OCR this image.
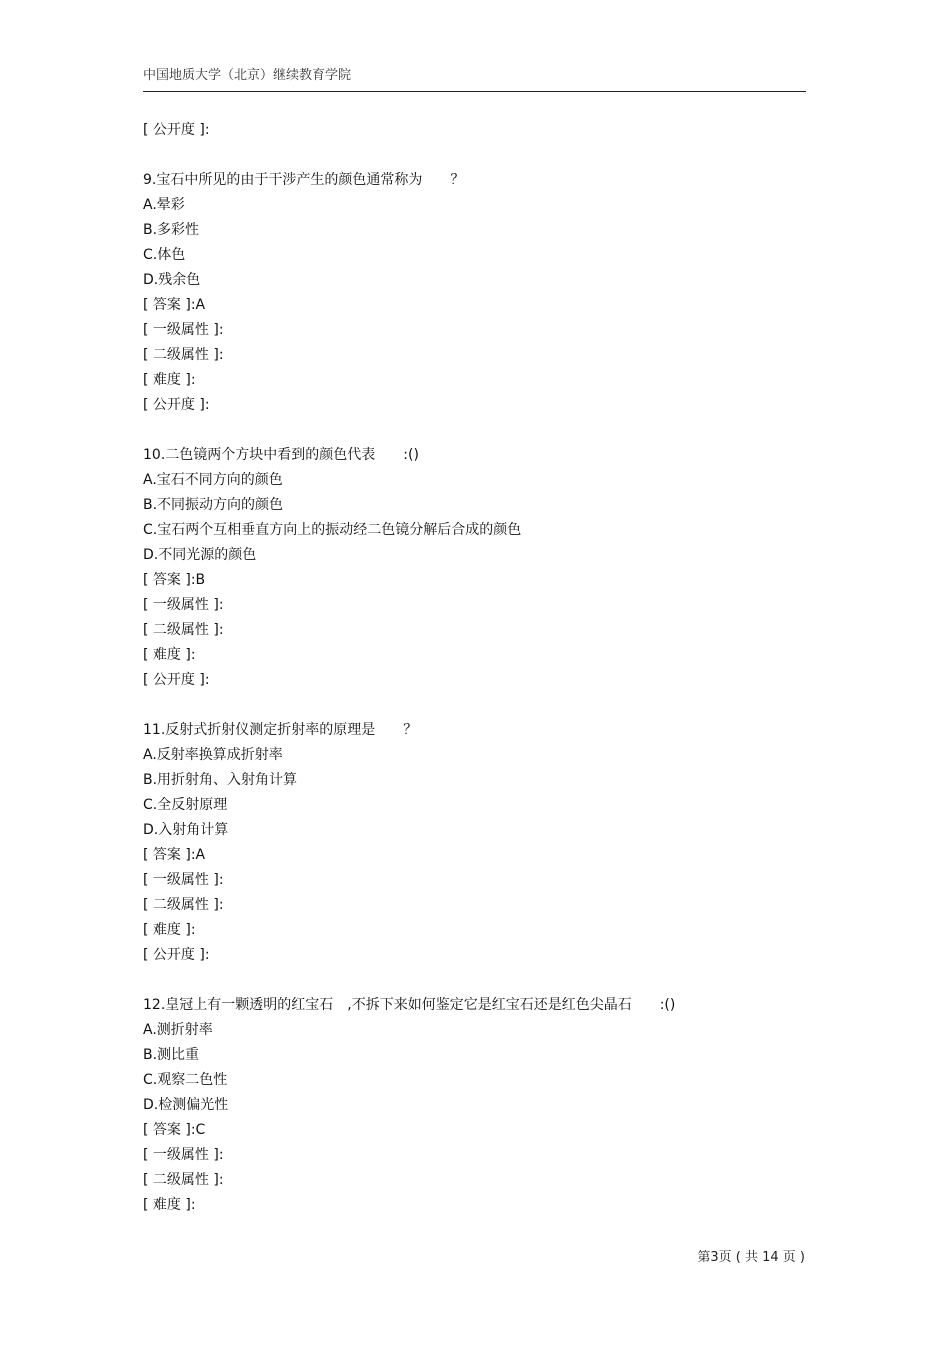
中国地质大学（北京）继续教育学院
[ 公开度 ]:
9.宝石中所见的由于干涉产生的颜色通常称为　　？
A.晕彩
B.多彩性
C.体色
D.残余色
[ 答案 ]:A
[ 一级属性 ]:
[ 二级属性 ]:
[ 难度 ]:
[ 公开度 ]:
10.二色镜两个方块中看到的颜色代表　　:()
A.宝石不同方向的颜色
B.不同振动方向的颜色
C.宝石两个互相垂直方向上的振动经二色镜分解后合成的颜色
D.不同光源的颜色
[ 答案 ]:B
[ 一级属性 ]:
[ 二级属性 ]:
[ 难度 ]:
[ 公开度 ]:
11.反射式折射仪测定折射率的原理是　　？
A.反射率换算成折射率
B.用折射角、入射角计算
C.全反射原理
D.入射角计算
[ 答案 ]:A
[ 一级属性 ]:
[ 二级属性 ]:
[ 难度 ]:
[ 公开度 ]:
12.皇冠上有一颗透明的红宝石　,不拆下来如何鉴定它是红宝石还是红色尖晶石　　:()
A.测折射率
B.测比重
C.观察二色性
D.检测偏光性
[ 答案 ]:C
[ 一级属性 ]:
[ 二级属性 ]:
[ 难度 ]:
第3页 ( 共 14 页 )
